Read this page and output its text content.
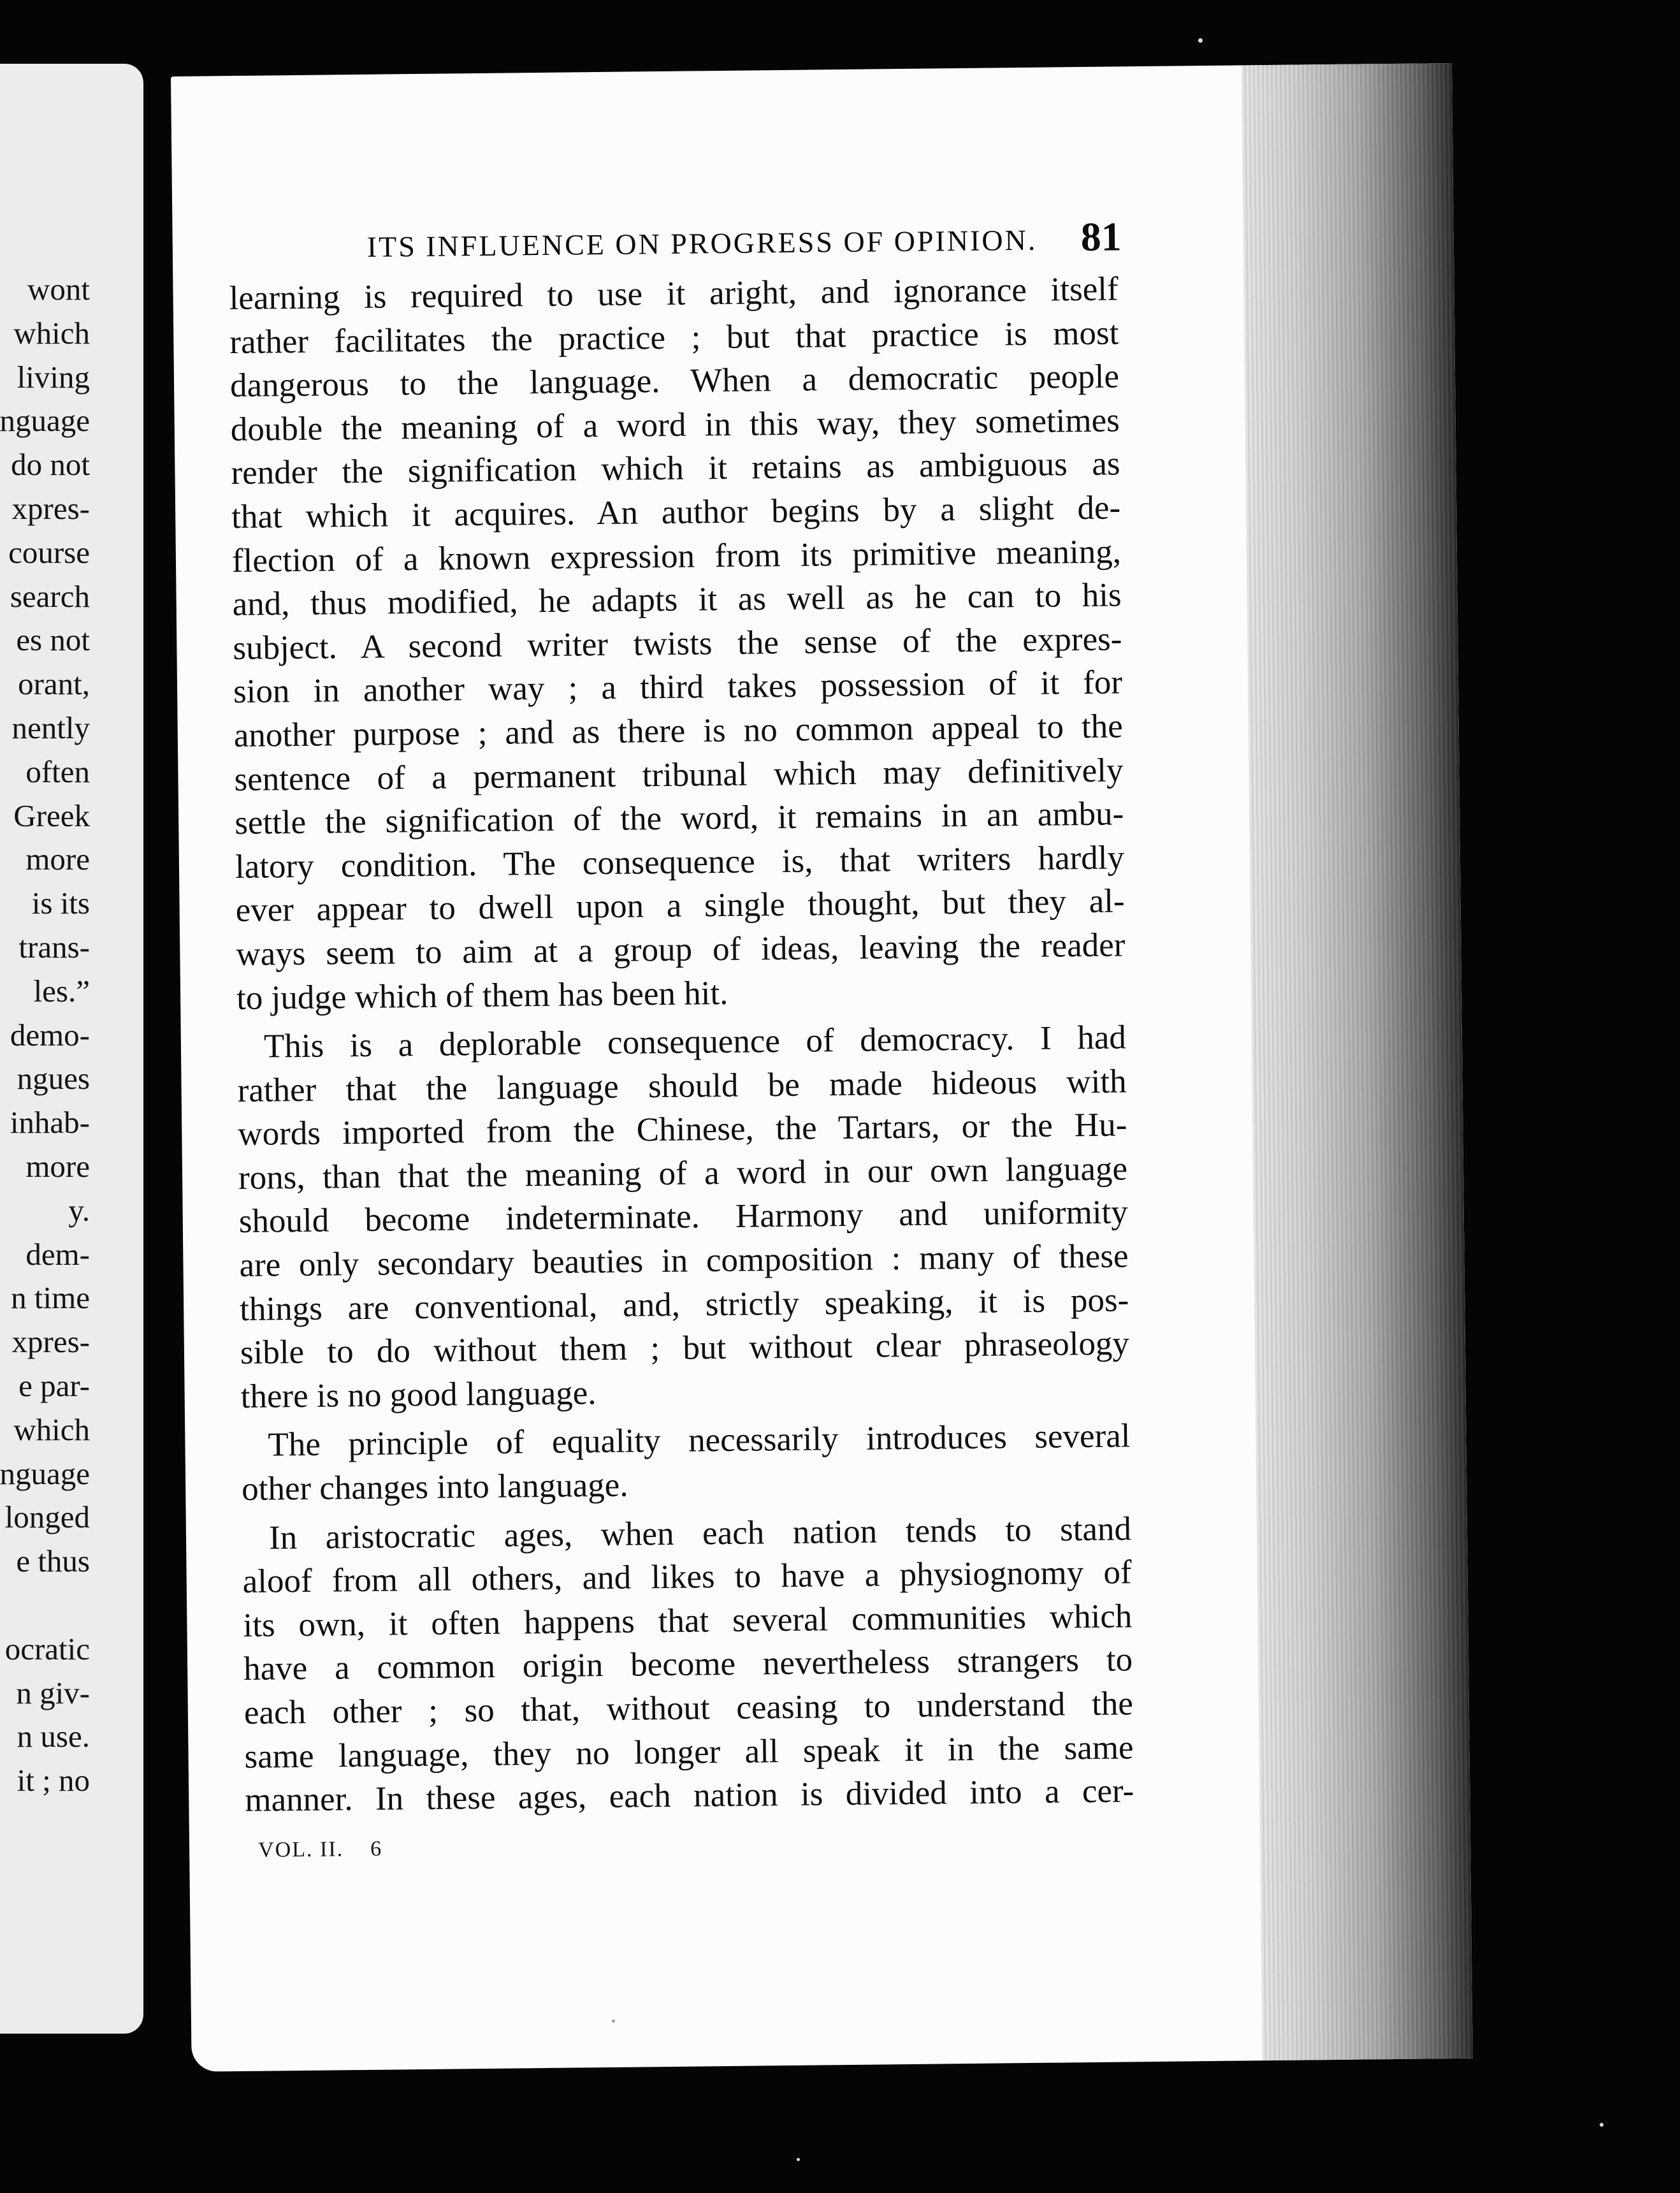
wont
which
living
nguage
do not
xpres-
course
search
es not
orant,
nently
often
Greek
more
is its
trans-
les.”
demo-
ngues
inhab-
more
y.
dem-
n time
xpres-
e par-
which
nguage
longed
e thus
ocratic
n giv-
n use.
it ; no
ITS INFLUENCE ON PROGRESS OF OPINION. 81
learning is required to use it aright, and ignorance itself
rather facilitates the practice ; but that practice is most
dangerous to the language. When a democratic people
double the meaning of a word in this way, they sometimes
render the signification which it retains as ambiguous as
that which it acquires. An author begins by a slight de-
flection of a known expression from its primitive meaning,
and, thus modified, he adapts it as well as he can to his
subject. A second writer twists the sense of the expres-
sion in another way ; a third takes possession of it for
another purpose ; and as there is no common appeal to the
sentence of a permanent tribunal which may definitively
settle the signification of the word, it remains in an ambu-
latory condition. The consequence is, that writers hardly
ever appear to dwell upon a single thought, but they al-
ways seem to aim at a group of ideas, leaving the reader
to judge which of them has been hit.
This is a deplorable consequence of democracy. I had
rather that the language should be made hideous with
words imported from the Chinese, the Tartars, or the Hu-
rons, than that the meaning of a word in our own language
should become indeterminate. Harmony and uniformity
are only secondary beauties in composition : many of these
things are conventional, and, strictly speaking, it is pos-
sible to do without them ; but without clear phraseology
there is no good language.
The principle of equality necessarily introduces several
other changes into language.
In aristocratic ages, when each nation tends to stand
aloof from all others, and likes to have a physiognomy of
its own, it often happens that several communities which
have a common origin become nevertheless strangers to
each other ; so that, without ceasing to understand the
same language, they no longer all speak it in the same
manner. In these ages, each nation is divided into a cer-
VOL. II.    6
